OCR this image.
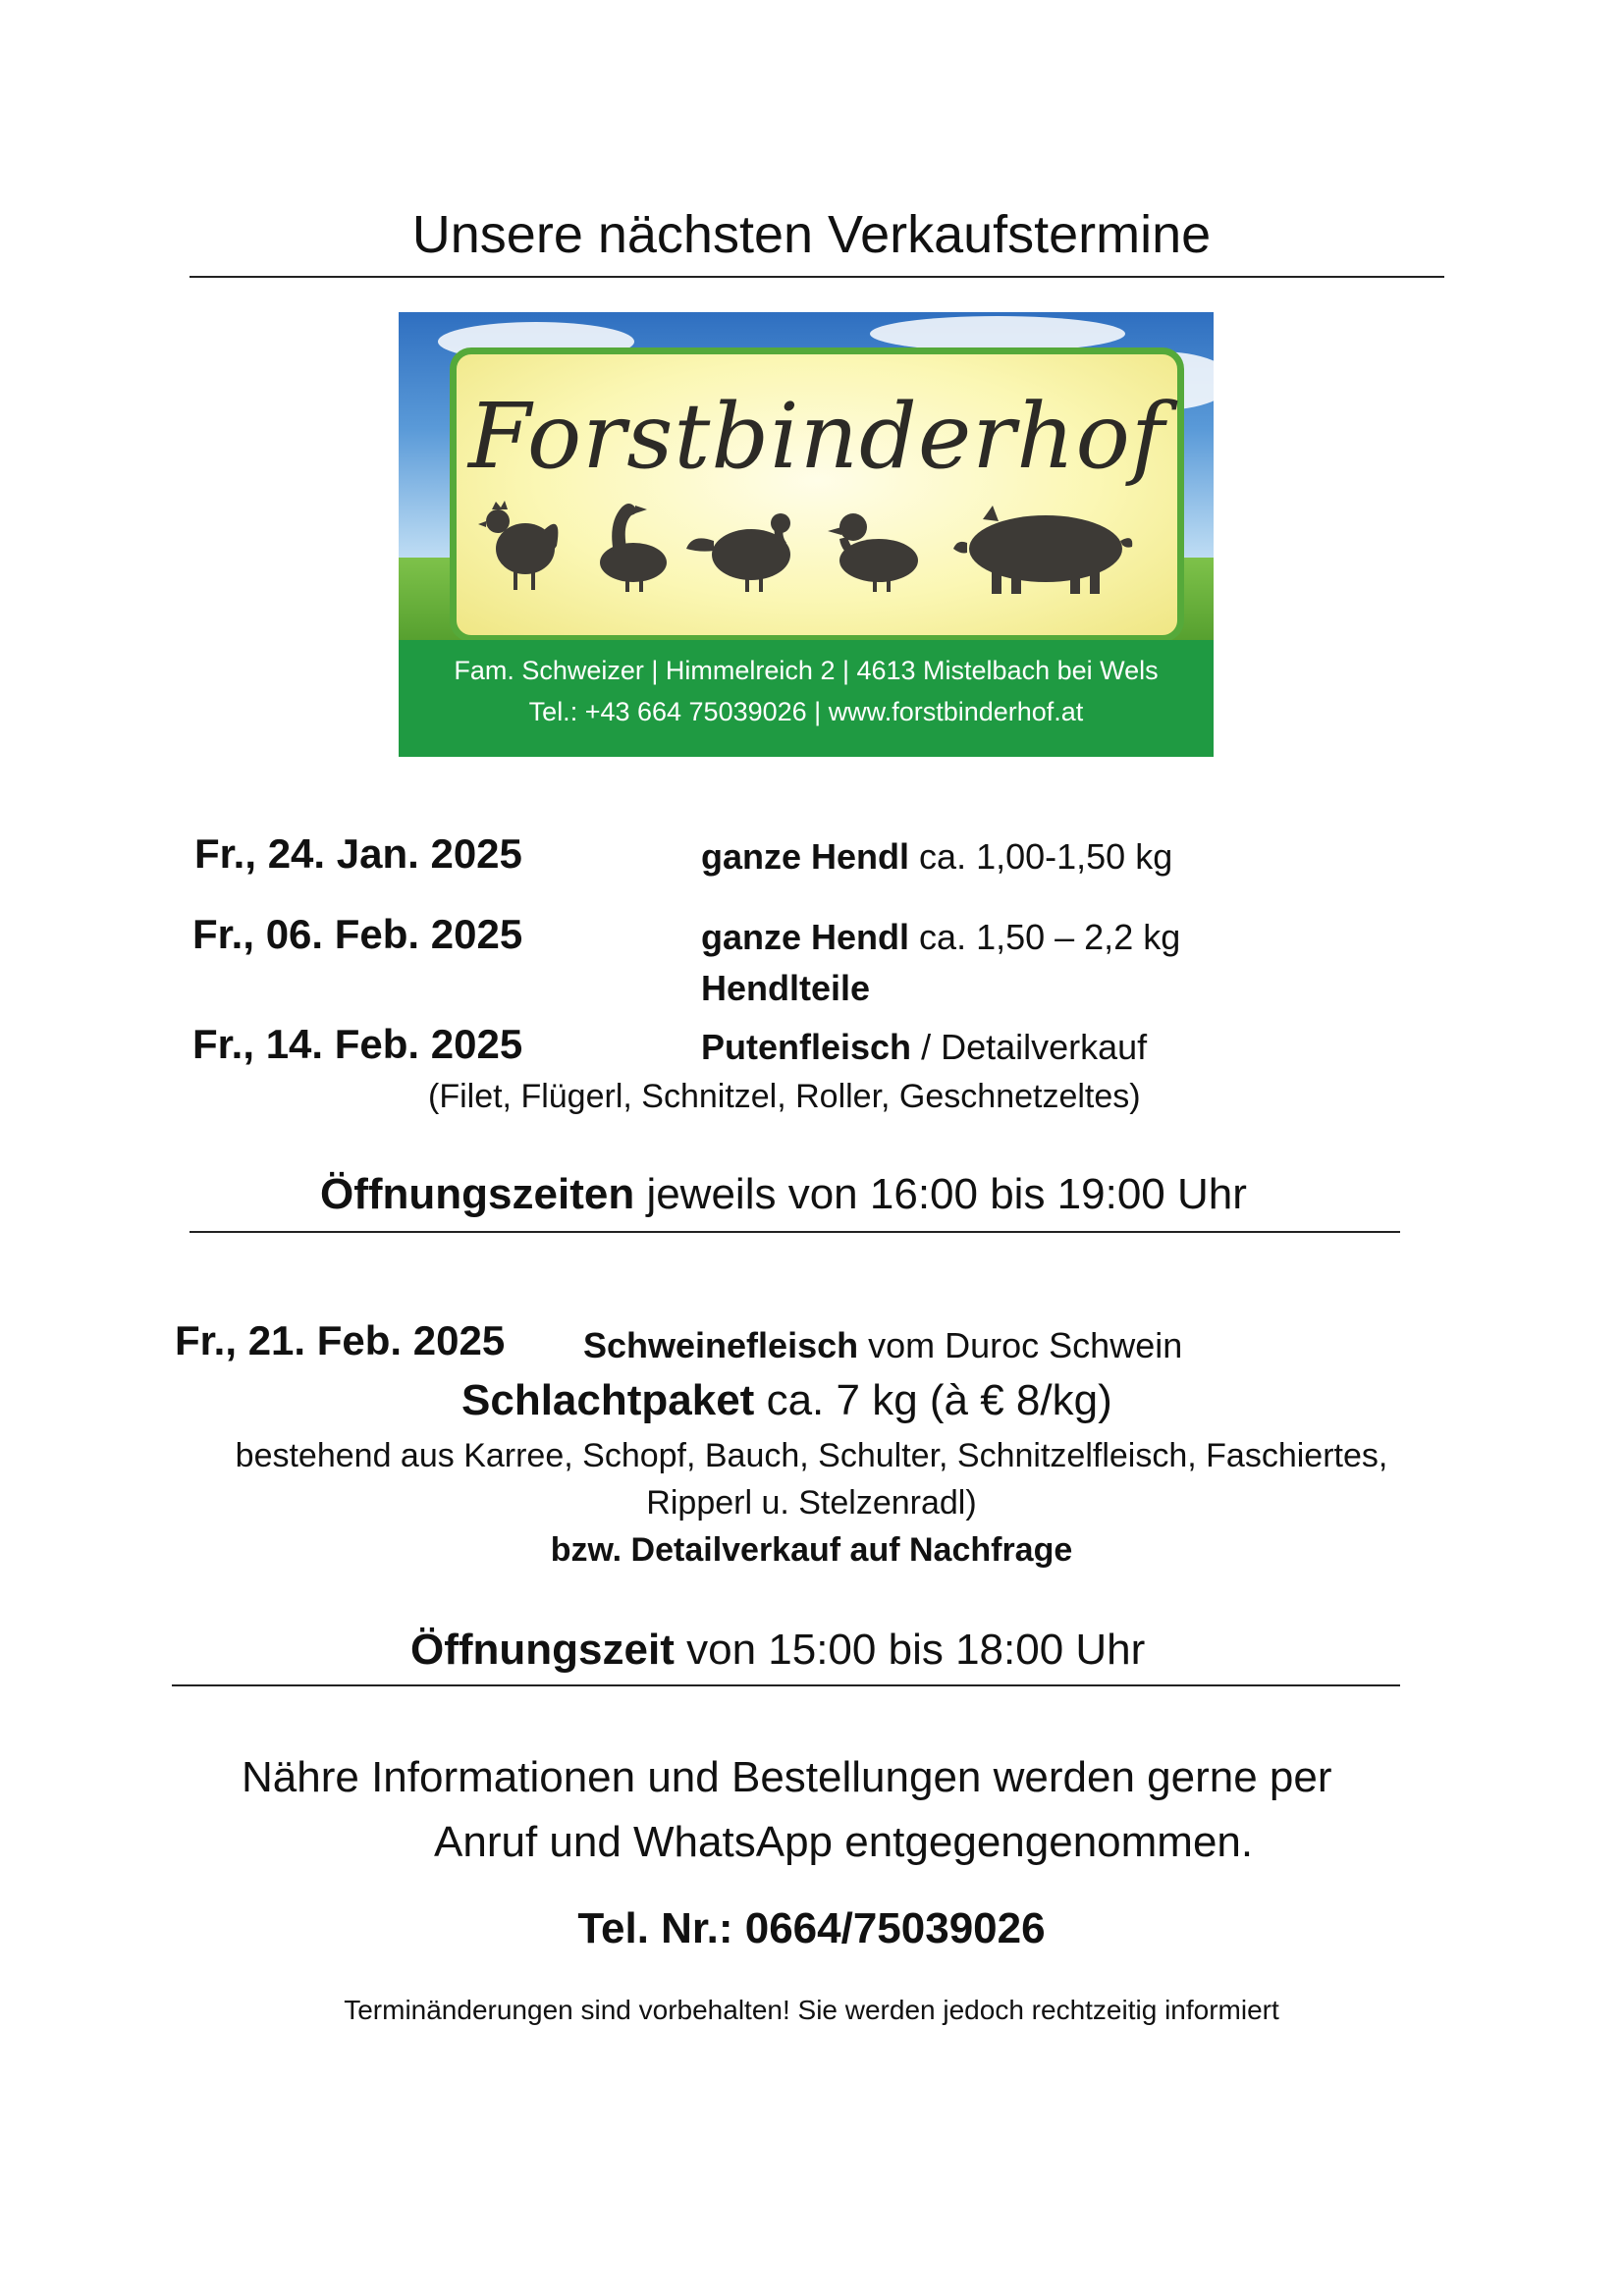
Unsere nächsten Verkaufstermine
Forstbinderhof
Fam. Schweizer | Himmelreich 2 | 4613 Mistelbach bei Wels
Tel.: +43 664 75039026 | www.forstbinderhof.at
Fr., 24. Jan. 2025	ganze Hendl ca. 1,00-1,50 kg
Fr., 06. Feb. 2025	ganze Hendl ca. 1,50 – 2,2 kg
Hendlteile
Fr., 14. Feb. 2025	Putenfleisch / Detailverkauf
(Filet, Flügerl, Schnitzel, Roller, Geschnetzeltes)
Öffnungszeiten jeweils von 16:00 bis 19:00 Uhr
Fr., 21. Feb. 2025 Schweinefleisch vom Duroc Schwein
Schlachtpaket ca. 7 kg (à € 8/kg)
bestehend aus Karree, Schopf, Bauch, Schulter, Schnitzelfleisch, Faschiertes,
Ripperl u. Stelzenradl)
bzw. Detailverkauf auf Nachfrage
Öffnungszeit von 15:00 bis 18:00 Uhr
Nähre Informationen und Bestellungen werden gerne per
Anruf und WhatsApp entgegengenommen.
Tel. Nr.: 0664/75039026
Terminänderungen sind vorbehalten! Sie werden jedoch rechtzeitig informiert
